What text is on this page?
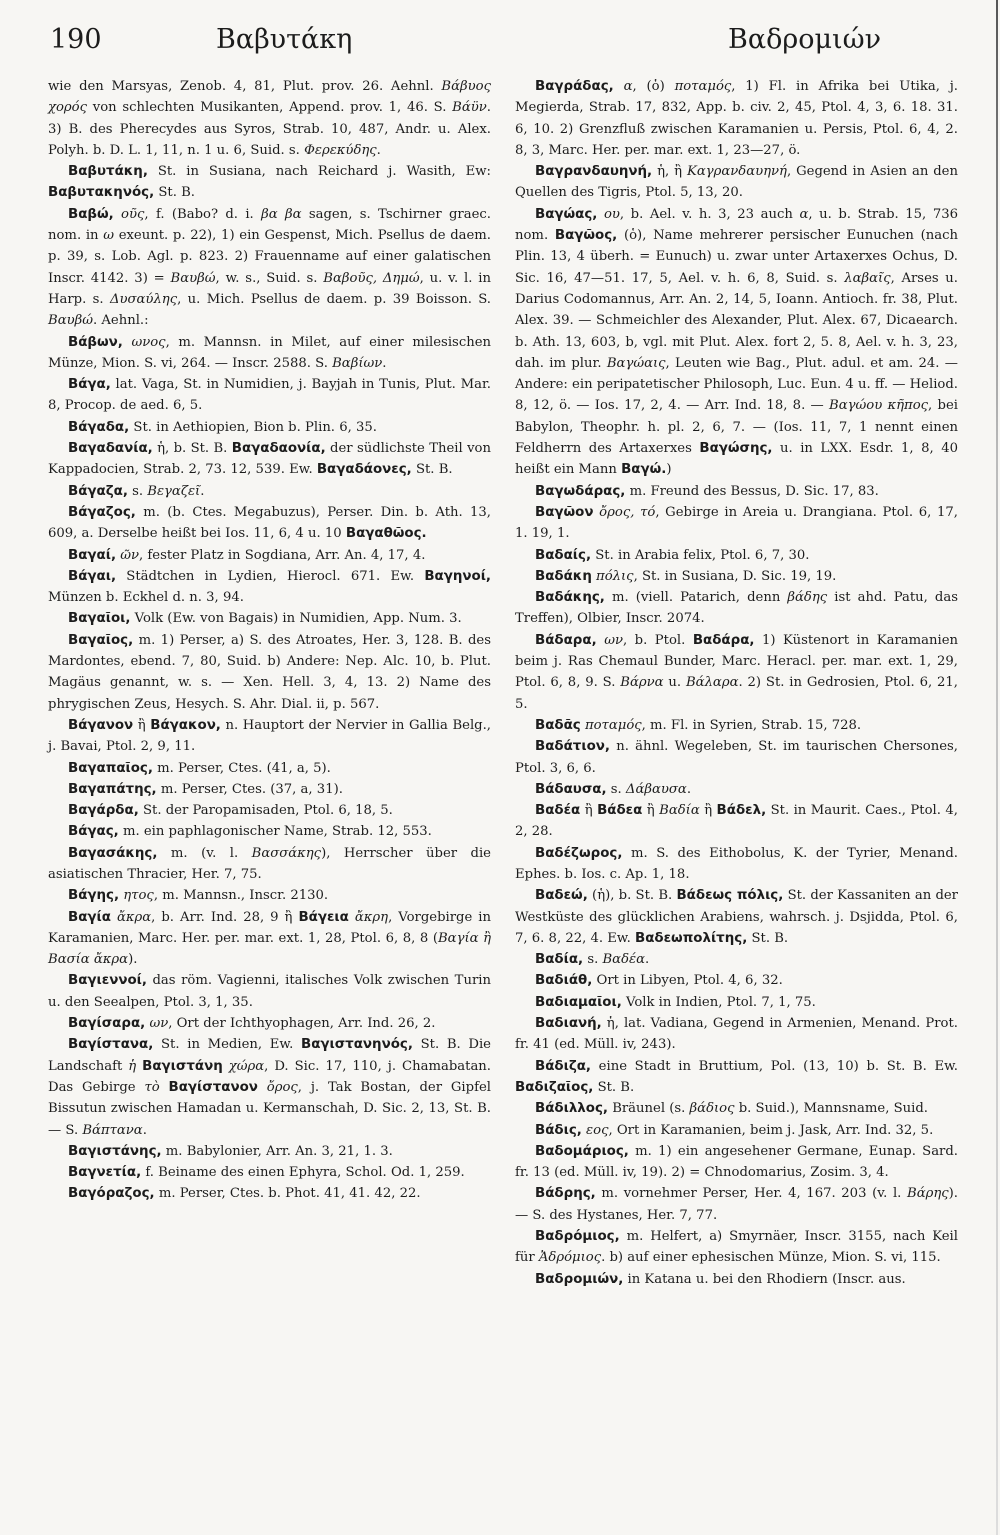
190	Βαβυτάκη	Βαδρομιών

wie den Marsyas, Zenob. 4, 81, Plut. prov. 26. Aehnl. Βάβυος χορός von schlechten Musikanten, Append. prov. 1, 46. S. Βάϋν. 3) B. des Pherecydes aus Syros, Strab. 10, 487, Andr. u. Alex. Polyh. b. D. L. 1, 11, n. 1 u. 6, Suid. s. Φερεκύδης.

Βαβυτάκη, St. in Susiana, nach Reichard j. Wasith, Ew: Βαβυτακηνός, St. B.

Βαβώ, οῦς, f. (Babo? d. i. βα βα sagen, s. Tschirner graec. nom. in ω exeunt. p. 22), 1) ein Gespenst, Mich. Psellus de daem. p. 39, s. Lob. Agl. p. 823. 2) Frauenname auf einer galatischen Inscr. 4142. 3) = Βαυβώ, w. s., Suid. s. Βαβοῦς, Δημώ, u. v. l. in Harp. s. Δυσαύλης, u. Mich. Psellus de daem. p. 39 Boisson. S. Βαυβώ. Aehnl.:

Βάβων, ωνος, m. Mannsn. in Milet, auf einer milesischen Münze, Mion. S. vi, 264. — Inscr. 2588. S. Βαβίων.

Βάγα, lat. Vaga, St. in Numidien, j. Bayjah in Tunis, Plut. Mar. 8, Procop. de aed. 6, 5.

Βάγαδα, St. in Aethiopien, Bion b. Plin. 6, 35.

Βαγαδανία, ἡ, b. St. B. Βαγαδαονία, der südlichste Theil von Kappadocien, Strab. 2, 73. 12, 539. Ew. Βαγαδάονες, St. B.

Βάγαζα, s. Βεγαζεῖ.

Βάγαζος, m. (b. Ctes. Megabuzus), Perser. Din. b. Ath. 13, 609, a. Derselbe heißt bei Ios. 11, 6, 4 u. 10 Βαγαθῶος.

Βαγαί, ῶν, fester Platz in Sogdiana, Arr. An. 4, 17, 4.

Βάγαι, Städtchen in Lydien, Hierocl. 671. Ew. Βαγηνοί, Münzen b. Eckhel d. n. 3, 94.

Βαγαῖοι, Volk (Ew. von Bagais) in Numidien, App. Num. 3.

Βαγαῖος, m. 1) Perser, a) S. des Atroates, Her. 3, 128. B. des Mardontes, ebend. 7, 80, Suid. b) Andere: Nep. Alc. 10, b. Plut. Magäus genannt, w. s. — Xen. Hell. 3, 4, 13. 2) Name des phrygischen Zeus, Hesych. S. Ahr. Dial. ii, p. 567.

Βάγανον ἢ Βάγακον, n. Hauptort der Nervier in Gallia Belg., j. Bavai, Ptol. 2, 9, 11.

Βαγαπαῖος, m. Perser, Ctes. (41, a, 5).

Βαγαπάτης, m. Perser, Ctes. (37, a, 31).

Βαγάρδα, St. der Paropamisaden, Ptol. 6, 18, 5.

Βάγας, m. ein paphlagonischer Name, Strab. 12, 553.

Βαγασάκης, m. (v. l. Βασσάκης), Herrscher über die asiatischen Thracier, Her. 7, 75.

Βάγης, ητος, m. Mannsn., Inscr. 2130.

Βαγία ἄκρα, b. Arr. Ind. 28, 9 ἢ Βάγεια ἄκρη, Vorgebirge in Karamanien, Marc. Her. per. mar. ext. 1, 28, Ptol. 6, 8, 8 (Βαγία ἢ Βασία ἄκρα).

Βαγιεννοί, das röm. Vagienni, italisches Volk zwischen Turin u. den Seealpen, Ptol. 3, 1, 35.

Βαγίσαρα, ων, Ort der Ichthyophagen, Arr. Ind. 26, 2.

Βαγίστανα, St. in Medien, Ew. Βαγιστανηνός, St. B. Die Landschaft ἡ Βαγιστάνη χώρα, D. Sic. 17, 110, j. Chamabatan. Das Gebirge τὸ Βαγίστανον ὄρος, j. Tak Bostan, der Gipfel Bissutun zwischen Hamadan u. Kermanschah, D. Sic. 2, 13, St. B. — S. Βάπτανα.

Βαγιστάνης, m. Babylonier, Arr. An. 3, 21, 1. 3.

Βαγνετία, f. Beiname des einen Ephyra, Schol. Od. 1, 259.

Βαγόραζος, m. Perser, Ctes. b. Phot. 41, 41. 42, 22.

Βαγράδας, α, (ὁ) ποταμός, 1) Fl. in Afrika bei Utika, j. Megierda, Strab. 17, 832, App. b. civ. 2, 45, Ptol. 4, 3, 6. 18. 31. 6, 10. 2) Grenzfluß zwischen Karamanien u. Persis, Ptol. 6, 4, 2. 8, 3, Marc. Her. per. mar. ext. 1, 23—27, ö.

Βαγρανδαυηνή, ἡ, ἢ Καγρανδαυηνή, Gegend in Asien an den Quellen des Tigris, Ptol. 5, 13, 20.

Βαγώας, ου, b. Ael. v. h. 3, 23 auch α, u. b. Strab. 15, 736 nom. Βαγῶος, (ὁ), Name mehrerer persischer Eunuchen (nach Plin. 13, 4 überh. = Eunuch) u. zwar unter Artaxerxes Ochus, D. Sic. 16, 47—51. 17, 5, Ael. v. h. 6, 8, Suid. s. λαβαῖς, Arses u. Darius Codomannus, Arr. An. 2, 14, 5, Ioann. Antioch. fr. 38, Plut. Alex. 39. — Schmeichler des Alexander, Plut. Alex. 67, Dicaearch. b. Ath. 13, 603, b, vgl. mit Plut. Alex. fort 2, 5. 8, Ael. v. h. 3, 23, dah. im plur. Βαγώαις, Leuten wie Bag., Plut. adul. et am. 24. — Andere: ein peripatetischer Philosoph, Luc. Eun. 4 u. ff. — Heliod. 8, 12, ö. — Ios. 17, 2, 4. — Arr. Ind. 18, 8. — Βαγώου κῆπος, bei Babylon, Theophr. h. pl. 2, 6, 7. — (Ios. 11, 7, 1 nennt einen Feldherrn des Artaxerxes Βαγώσης, u. in LXX. Esdr. 1, 8, 40 heißt ein Mann Βαγώ.)

Βαγωδάρας, m. Freund des Bessus, D. Sic. 17, 83.

Βαγῶον ὄρος, τό, Gebirge in Areia u. Drangiana. Ptol. 6, 17, 1. 19, 1.

Βαδαίς, St. in Arabia felix, Ptol. 6, 7, 30.

Βαδάκη πόλις, St. in Susiana, D. Sic. 19, 19.

Βαδάκης, m. (viell. Patarich, denn βάδης ist ahd. Patu, das Treffen), Olbier, Inscr. 2074.

Βάδαρα, ων, b. Ptol. Βαδάρα, 1) Küstenort in Karamanien beim j. Ras Chemaul Bunder, Marc. Heracl. per. mar. ext. 1, 29, Ptol. 6, 8, 9. S. Βάρνα u. Βάλαρα. 2) St. in Gedrosien, Ptol. 6, 21, 5.

Βαδᾶς ποταμός, m. Fl. in Syrien, Strab. 15, 728.

Βαδάτιον, n. ähnl. Wegeleben, St. im taurischen Chersones, Ptol. 3, 6, 6.

Βάδαυσα, s. Δάβαυσα.

Βαδέα ἢ Βάδεα ἢ Βαδία ἢ Βάδελ, St. in Maurit. Caes., Ptol. 4, 2, 28.

Βαδέζωρος, m. S. des Eithobolus, K. der Tyrier, Menand. Ephes. b. Ios. c. Ap. 1, 18.

Βαδεώ, (ἡ), b. St. B. Βάδεως πόλις, St. der Kassaniten an der Westküste des glücklichen Arabiens, wahrsch. j. Dsjidda, Ptol. 6, 7, 6. 8, 22, 4. Ew. Βαδεωπολίτης, St. B.

Βαδία, s. Βαδέα.

Βαδιάθ, Ort in Libyen, Ptol. 4, 6, 32.

Βαδιαμαῖοι, Volk in Indien, Ptol. 7, 1, 75.

Βαδιανή, ἡ, lat. Vadiana, Gegend in Armenien, Menand. Prot. fr. 41 (ed. Müll. iv, 243).

Βάδιζα, eine Stadt in Bruttium, Pol. (13, 10) b. St. B. Ew. Βαδιζαῖος, St. B.

Βάδιλλος, Bräunel (s. βάδιος b. Suid.), Mannsname, Suid.

Βάδις, εος, Ort in Karamanien, beim j. Jask, Arr. Ind. 32, 5.

Βαδομάριος, m. 1) ein angesehener Germane, Eunap. Sard. fr. 13 (ed. Müll. iv, 19). 2) = Chnodomarius, Zosim. 3, 4.

Βάδρης, m. vornehmer Perser, Her. 4, 167. 203 (v. l. Βάρης). — S. des Hystanes, Her. 7, 77.

Βαδρόμιος, m. Helfert, a) Smyrnäer, Inscr. 3155, nach Keil für Ἀδρόμιος. b) auf einer ephesischen Münze, Mion. S. vi, 115.

Βαδρομιών, in Katana u. bei den Rhodiern (Inscr. aus.
